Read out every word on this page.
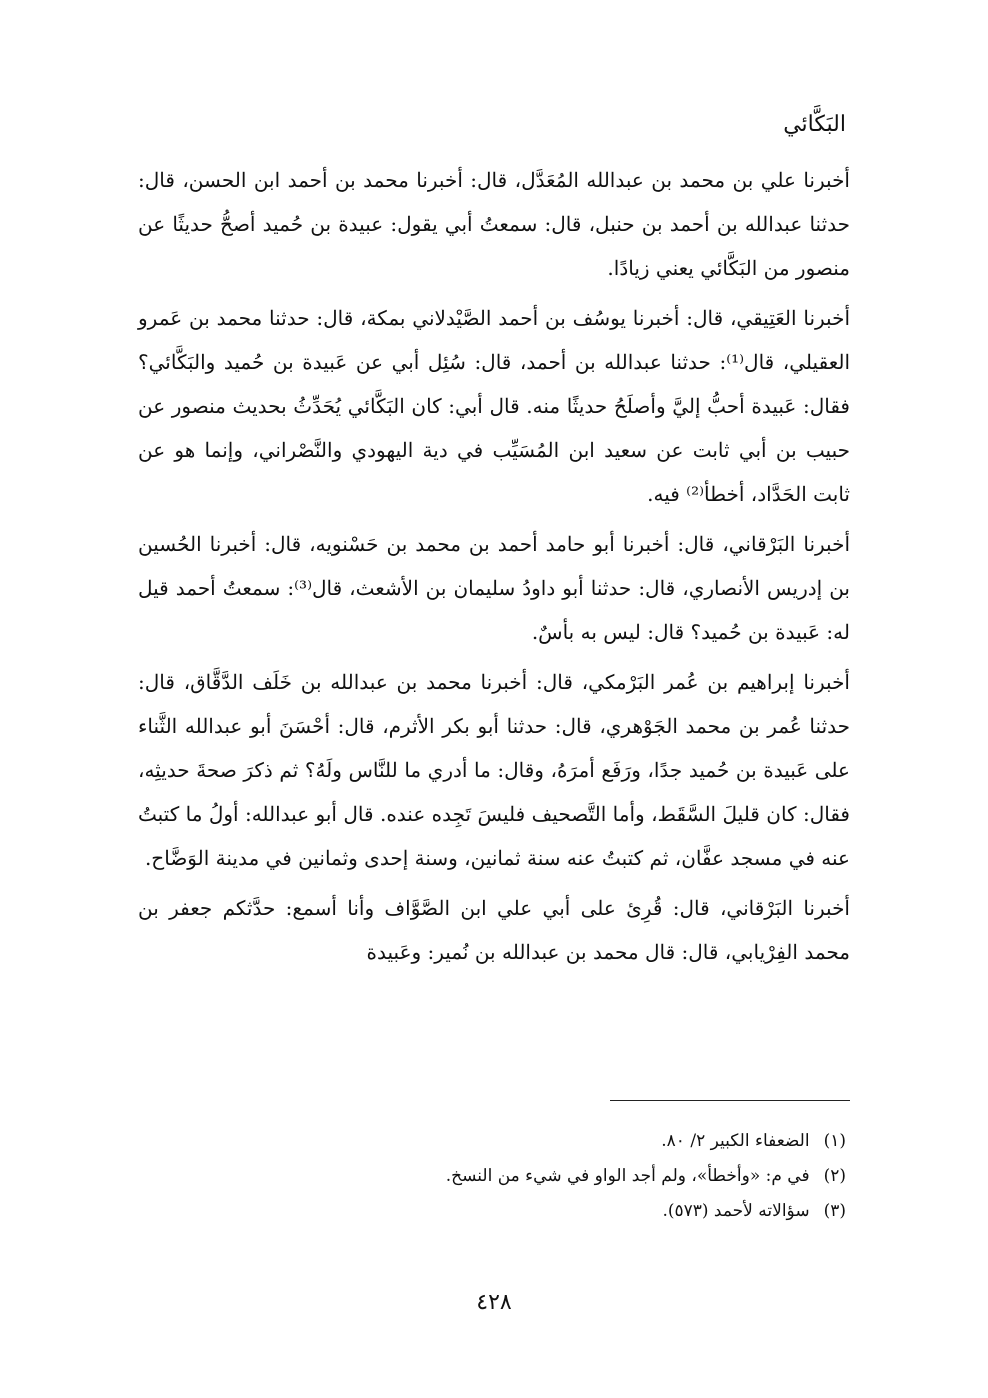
البَكَّائي

أخبرنا علي بن محمد بن عبدالله المُعَدَّل، قال: أخبرنا محمد بن أحمد ابن الحسن، قال: حدثنا عبدالله بن أحمد بن حنبل، قال: سمعتُ أبي يقول: عبيدة بن حُميد أصحُّ حديثًا عن منصور من البَكَّائي يعني زيادًا.

أخبرنا العَتِيقي، قال: أخبرنا يوسُف بن أحمد الصَّيْدلاني بمكة، قال: حدثنا محمد بن عَمرو العقيلي، قال⁽¹⁾: حدثنا عبدالله بن أحمد، قال: سُئِل أبي عن عَبيدة بن حُميد والبَكَّائي؟ فقال: عَبيدة أحبُّ إليَّ وأصلَحُ حديثًا منه. قال أبي: كان البَكَّائي يُحَدِّثُ بحديث منصور عن حبيب بن أبي ثابت عن سعيد ابن المُسَيِّب في دية اليهودي والنَّصْراني، وإنما هو عن ثابت الحَدَّاد، أخطأ⁽²⁾ فيه.

أخبرنا البَرْقاني، قال: أخبرنا أبو حامد أحمد بن محمد بن حَسْنويه، قال: أخبرنا الحُسين بن إدريس الأنصاري، قال: حدثنا أبو داودُ سليمان بن الأشعث، قال⁽³⁾: سمعتُ أحمد قيل له: عَبيدة بن حُميد؟ قال: ليس به بأسٌ.

أخبرنا إبراهيم بن عُمر البَرْمكي، قال: أخبرنا محمد بن عبدالله بن خَلَف الدَّقَّاق، قال: حدثنا عُمر بن محمد الجَوْهري، قال: حدثنا أبو بكر الأثرم، قال: أحْسَنَ أبو عبدالله الثَّناء على عَبيدة بن حُميد جدًا، ورَفَع أمرَهُ، وقال: ما أدري ما للنَّاس ولَهُ؟ ثم ذكرَ صحةَ حديثِه، فقال: كان قليلَ السَّقَط، وأما التَّصحيف فليسَ تَجِده عنده. قال أبو عبدالله: أولُ ما كتبتُ عنه في مسجد عفَّان، ثم كتبتُ عنه سنة ثمانين، وسنة إحدى وثمانين في مدينة الوَضَّاح.

أخبرنا البَرْقاني، قال: قُرِئ على أبي علي ابن الصَّوَّاف وأنا أسمع: حدَّثكم جعفر بن محمد الفِرْيابي، قال: قال محمد بن عبدالله بن نُمير: وعَبيدة

(١)الضعفاء الكبير ٢/ ٨٠.
(٢)في م: «وأخطأ»، ولم أجد الواو في شيء من النسخ.
(٣)سؤالاته لأحمد (٥٧٣).
٤٢٨
